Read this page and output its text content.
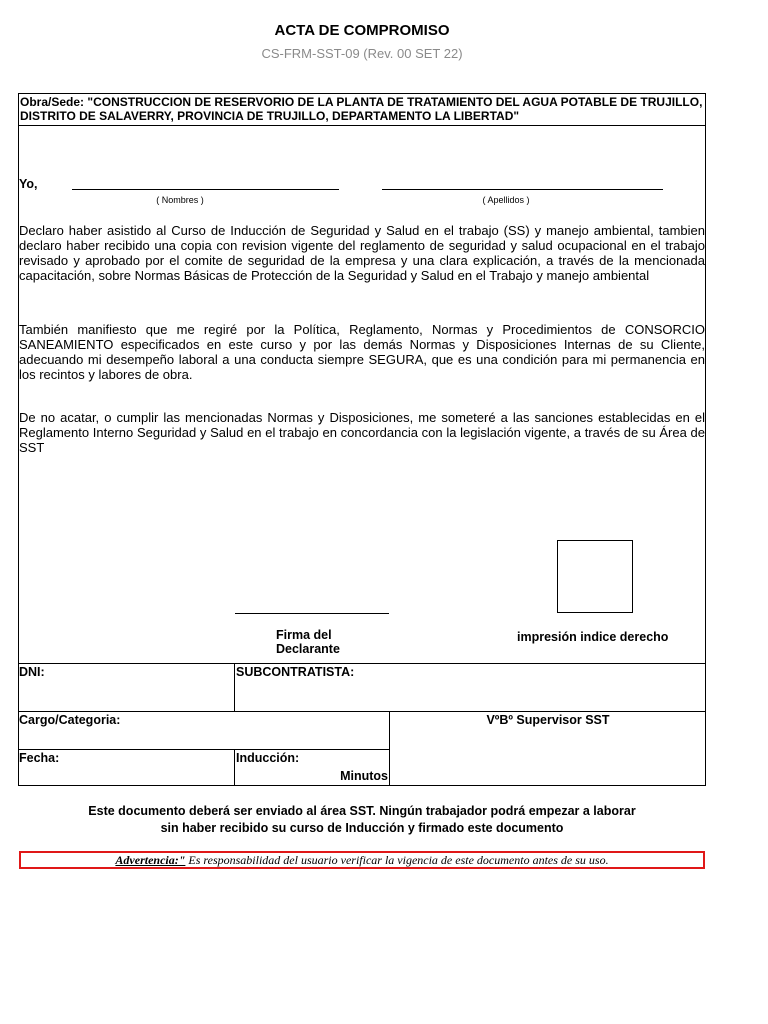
ACTA DE COMPROMISO
CS-FRM-SST-09 (Rev. 00 SET 22)
Obra/Sede: "CONSTRUCCION DE RESERVORIO DE LA PLANTA DE TRATAMIENTO DEL AGUA POTABLE DE TRUJILLO, DISTRITO DE SALAVERRY, PROVINCIA DE TRUJILLO, DEPARTAMENTO LA LIBERTAD"
Yo,
( Nombres )	( Apellidos )
Declaro haber asistido al Curso de Inducción de Seguridad y Salud en el trabajo (SS) y manejo ambiental, tambien declaro haber recibido una copia con revision vigente del reglamento de seguridad y salud ocupacional en el trabajo revisado y aprobado por el comite de seguridad de la empresa y una clara explicación, a través de la mencionada capacitación, sobre Normas Básicas de Protección de la Seguridad y Salud en el Trabajo y manejo ambiental
También manifiesto que me regiré por la Política, Reglamento, Normas y Procedimientos de CONSORCIO SANEAMIENTO especificados en este curso y por las demás Normas y Disposiciones Internas de su Cliente, adecuando mi desempeño laboral a una conducta siempre SEGURA, que es una condición para mi permanencia en los recintos y labores de obra.
De no acatar, o cumplir las mencionadas Normas y Disposiciones, me someteré a las sanciones establecidas en el Reglamento Interno Seguridad y Salud en el trabajo en concordancia con la legislación vigente, a través de su Área de SST
Firma del Declarante
impresión indice derecho
DNI:	SUBCONTRATISTA:
Cargo/Categoria:	VºBº Supervisor SST
Fecha:	Inducción:
Minutos
Este documento deberá ser enviado al área SST. Ningún trabajador podrá empezar a laborar
sin haber recibido su curso de Inducción y firmado este documento
Advertencia:" Es responsabilidad del usuario verificar la vigencia de este documento antes de su uso.
